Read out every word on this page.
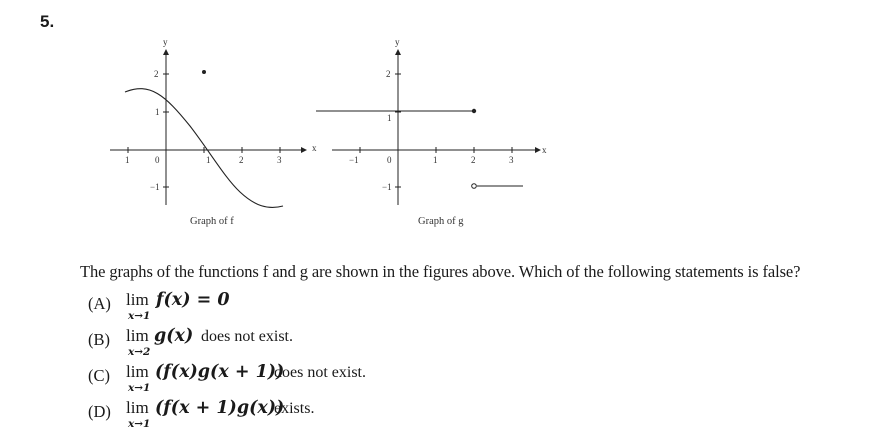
5.
x
y
1	0	1	2	3
2
1
−1
Graph of f
x
y
−1	0	1	2	3
2
1
−1
Graph of g
The graphs of the functions f and g are shown in the figures above. Which of the following statements is false?
(A) lim
x→1
f(x) = 0
(B) lim
x→2
g(x) does not exist.
(C) lim
x→1
(f(x)g(x + 1))
does not exist.
(D) lim
x→1
(f(x + 1)g(x))
exists.
